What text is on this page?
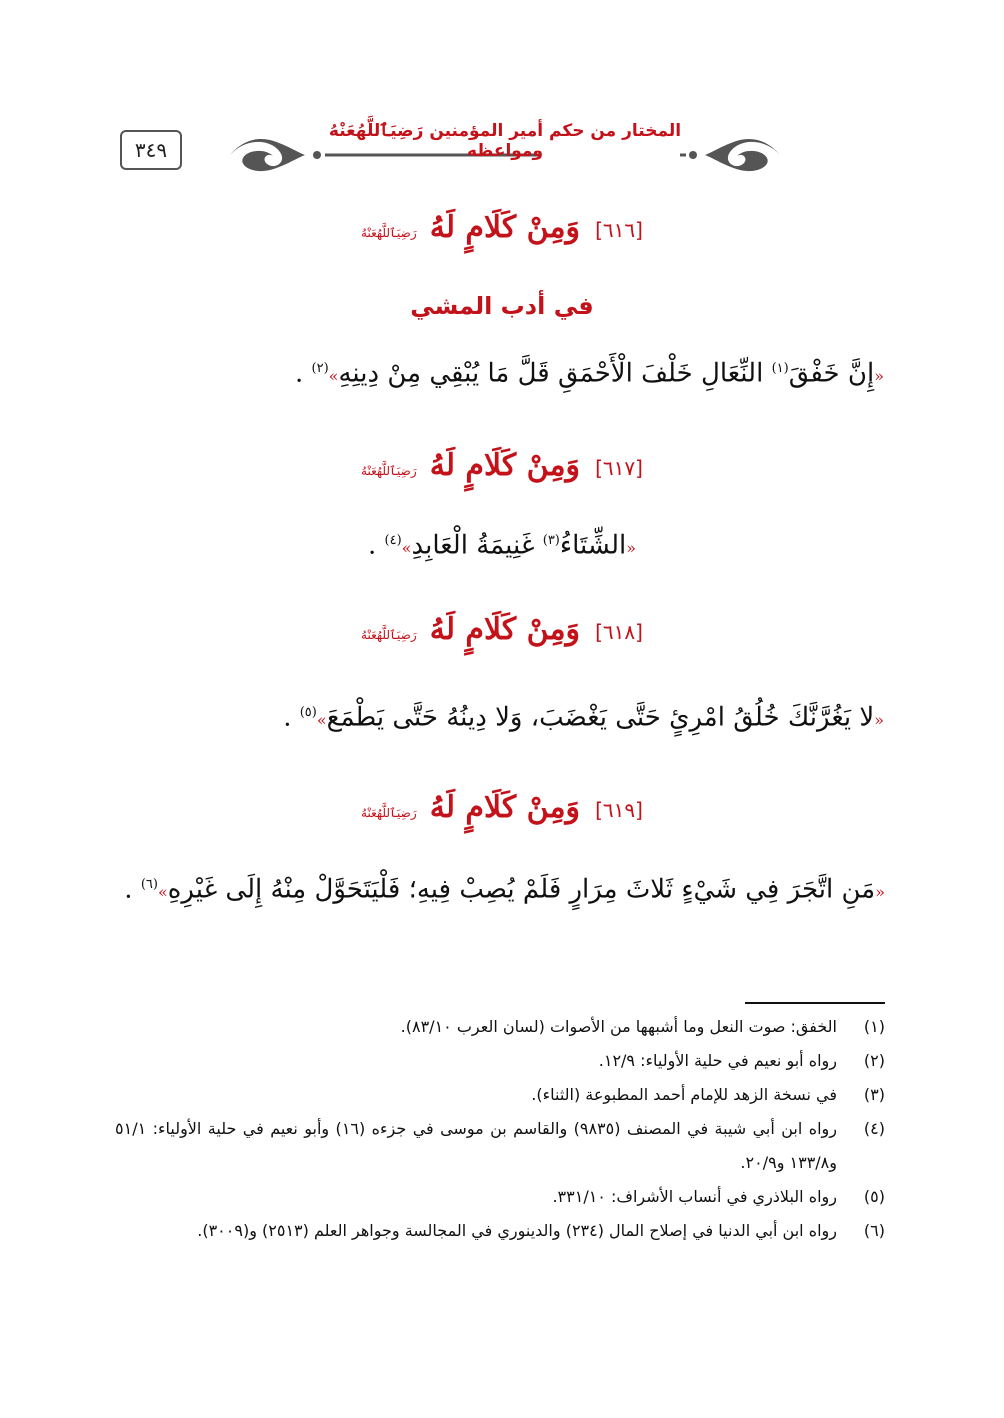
٣٤٩
المختار من حكم أمير المؤمنين رَضِيَٱللَّهُعَنْهُ ومواعظه
[٦١٦] وَمِنْ كَلَامٍ لَهُ رَضِيَٱللَّهُعَنْهُ
في أدب المشي
«إِنَّ خَفْقَ$^{(١)}$ النِّعَالِ خَلْفَ الْأَحْمَقِ قَلَّ مَا يُبْقِي مِنْ دِينِهِ»$^{(٢)}$ .
[٦١٧] وَمِنْ كَلَامٍ لَهُ رَضِيَٱللَّهُعَنْهُ
«الشِّتَاءُ$^{(٣)}$ غَنِيمَةُ الْعَابِدِ»$^{(٤)}$ .
[٦١٨] وَمِنْ كَلَامٍ لَهُ رَضِيَٱللَّهُعَنْهُ
«لا يَغُرَّنَّكَ خُلُقُ امْرِئٍ حَتَّى يَغْضَبَ، وَلا دِينُهُ حَتَّى يَطْمَعَ»$^{(٥)}$ .
[٦١٩] وَمِنْ كَلَامٍ لَهُ رَضِيَٱللَّهُعَنْهُ
«مَنِ اتَّجَرَ فِي شَيْءٍ ثَلاثَ مِرَارٍ فَلَمْ يُصِبْ فِيهِ؛ فَلْيَتَحَوَّلْ مِنْهُ إِلَى غَيْرِهِ»$^{(٦)}$ .
(١)
الخفق: صوت النعل وما أشبهها من الأصوات (لسان العرب ٨٣/١٠).
(٢)
رواه أبو نعيم في حلية الأولياء: ١٢/٩.
(٣)
في نسخة الزهد للإمام أحمد المطبوعة (الثناء).
(٤)
رواه ابن أبي شيبة في المصنف (٩٨٣٥) والقاسم بن موسى في جزءه (١٦) وأبو نعيم في حلية الأولياء: ٥١/١ و١٣٣/٨ و٢٠/٩.
(٥)
رواه البلاذري في أنساب الأشراف: ٣٣١/١٠.
(٦)
رواه ابن أبي الدنيا في إصلاح المال (٢٣٤) والدينوري في المجالسة وجواهر العلم (٢٥١٣) و(٣٠٠٩).
